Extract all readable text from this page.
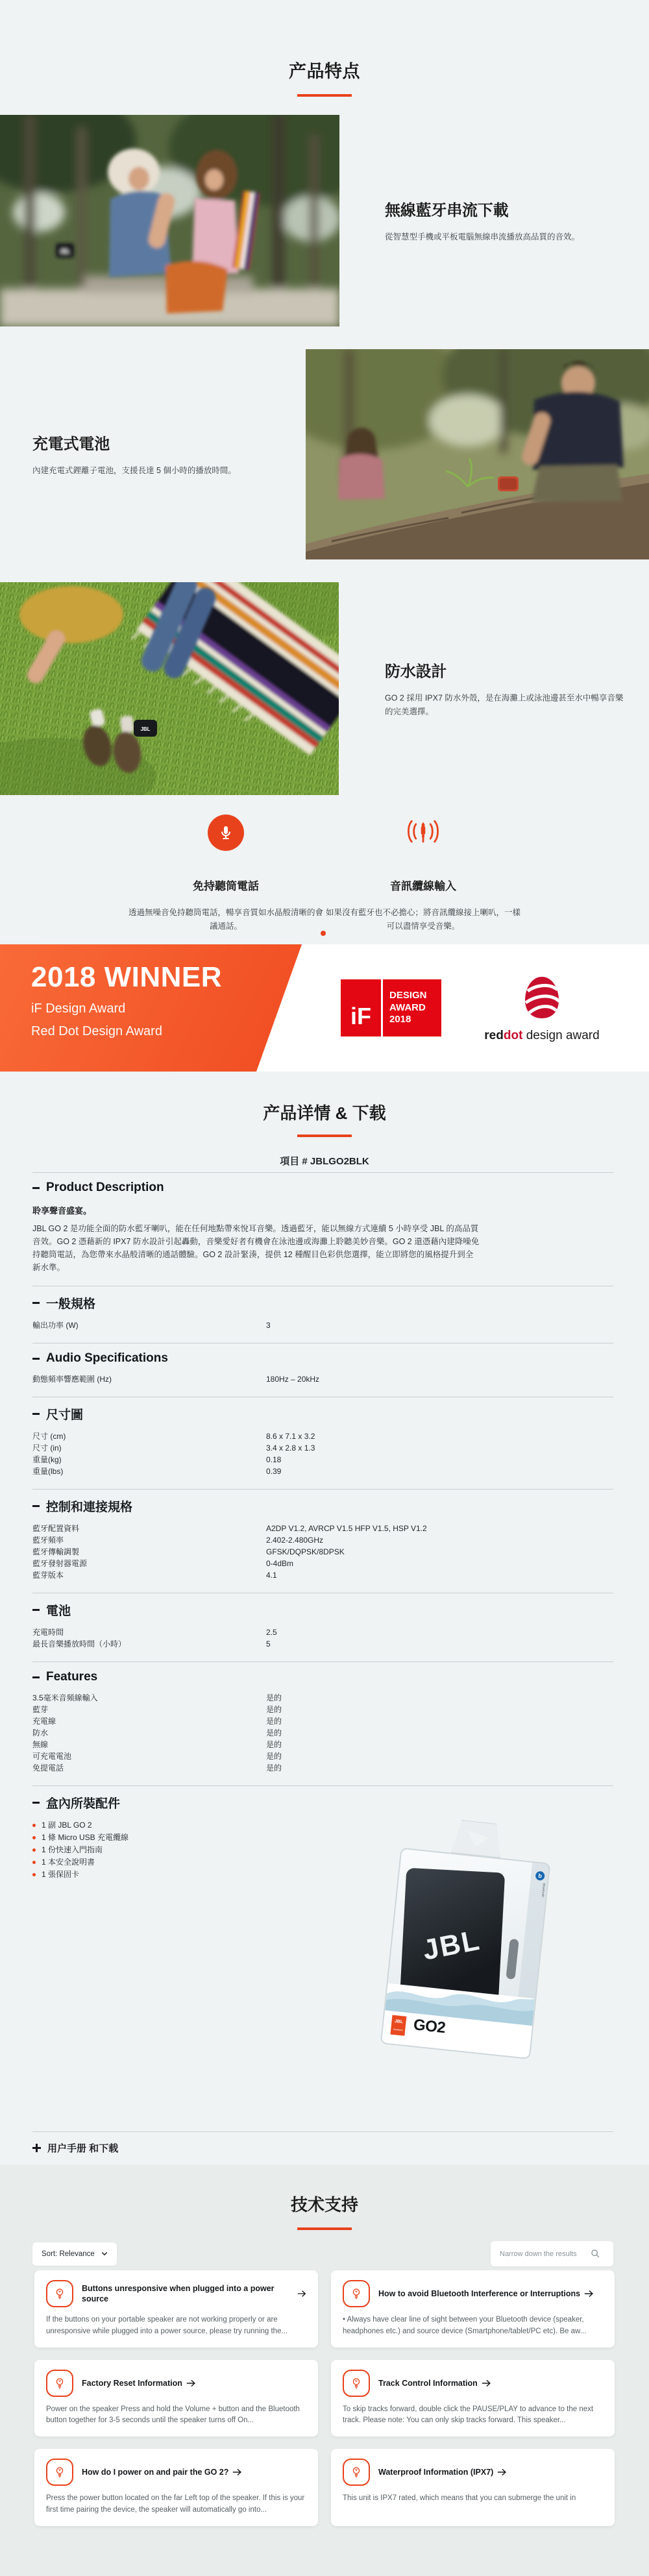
产品特点
JBL
無線藍牙串流下載

從智慧型手機或平板電腦無線串流播放高品質的音效。

充電式電池

內建充電式鋰離子電池，支援長達 5 個小時的播放時間。

JBL
防水設計

GO 2 採用 IPX7 防水外殼，是在海灘上或泳池邊甚至水中暢享音樂的完美選擇。

免持聽筒電話

透過無噪音免持聽筒電話，暢享音質如水晶般清晰的會議通話。

音訊纜線輸入

如果沒有藍牙也不必擔心；將音訊纜線接上喇叭，一樣可以盡情享受音樂。

2018 WINNER
iF Design Award
Red Dot Design Award
iF
DESIGN
AWARD
2018
reddot design award
产品详情 & 下载
項目 # JBLGO2BLK
Product Description
聆享聲音盛宴。
JBL GO 2 是功能全面的防水藍牙喇叭，能在任何地點帶來悅耳音樂。透過藍牙，能以無線方式連續 5 小時享受 JBL 的高品質音效。GO 2 憑藉新的 IPX7 防水設計引起轟動，音樂愛好者有機會在泳池邊或海灘上聆聽美妙音樂。GO 2 還憑藉內建降噪免持聽筒電話，為您帶來水晶般清晰的通話體驗。GO 2 設計緊湊，提供 12 種醒目色彩供您選擇，能立即將您的風格提升到全新水準。
一般規格
輸出功率 (W)	3
Audio Specifications
動態頻率響應範圍 (Hz)	180Hz – 20kHz
尺寸圖
尺寸 (cm)	8.6 x 7.1 x 3.2
尺寸 (in)	3.4 x 2.8 x 1.3
重量(kg)	0.18
重量(lbs)	0.39
控制和連接規格
藍牙配置資料	A2DP V1.2, AVRCP V1.5 HFP V1.5, HSP V1.2
藍牙頻率	2.402-2.480GHz
藍牙傳輸調製	GFSK/DQPSK/8DPSK
藍牙發射器電源	0-4dBm
藍芽版本	4.1
電池
充電時間	2.5
最長音樂播放時間（小時）	5
Features
3.5毫米音頻線輸入	是的
藍芽	是的
充電線	是的
防水	是的
無線	是的
可充電電池	是的
免提電話	是的
盒內所裝配件
1 副 JBL GO 2
1 條 Micro USB 充電纜線
1 份快速入門指南
1 本安全說明書
1 張保固卡
用户手册 和下载
JBL
b
Bluetooth
JBL
HARMAN GO2
技术支持
Sort: Relevance
Narrow down the results
Buttons unresponsive when plugged into a power source
If the buttons on your portable speaker are not working properly or are unresponsive while plugged into a power source, please try running the...
How to avoid Bluetooth Interference or Interruptions
• Always have clear line of sight between your Bluetooth device (speaker, headphones etc.) and source device (Smartphone/tablet/PC etc). Be aw...
Factory Reset Information
Power on the speaker Press and hold the Volume + button and the Bluetooth button together for 3-5 seconds until the speaker turns off On...
Track Control Information
To skip tracks forward, double click the PAUSE/PLAY to advance to the next track. Please note: You can only skip tracks forward. This speaker...
How do I power on and pair the GO 2?
Press the power button located on the far Left top of the speaker. If this is your first time pairing the device, the speaker will automatically go into...
Waterproof Information (IPX7)
This unit is IPX7 rated, which means that you can submerge the unit in
